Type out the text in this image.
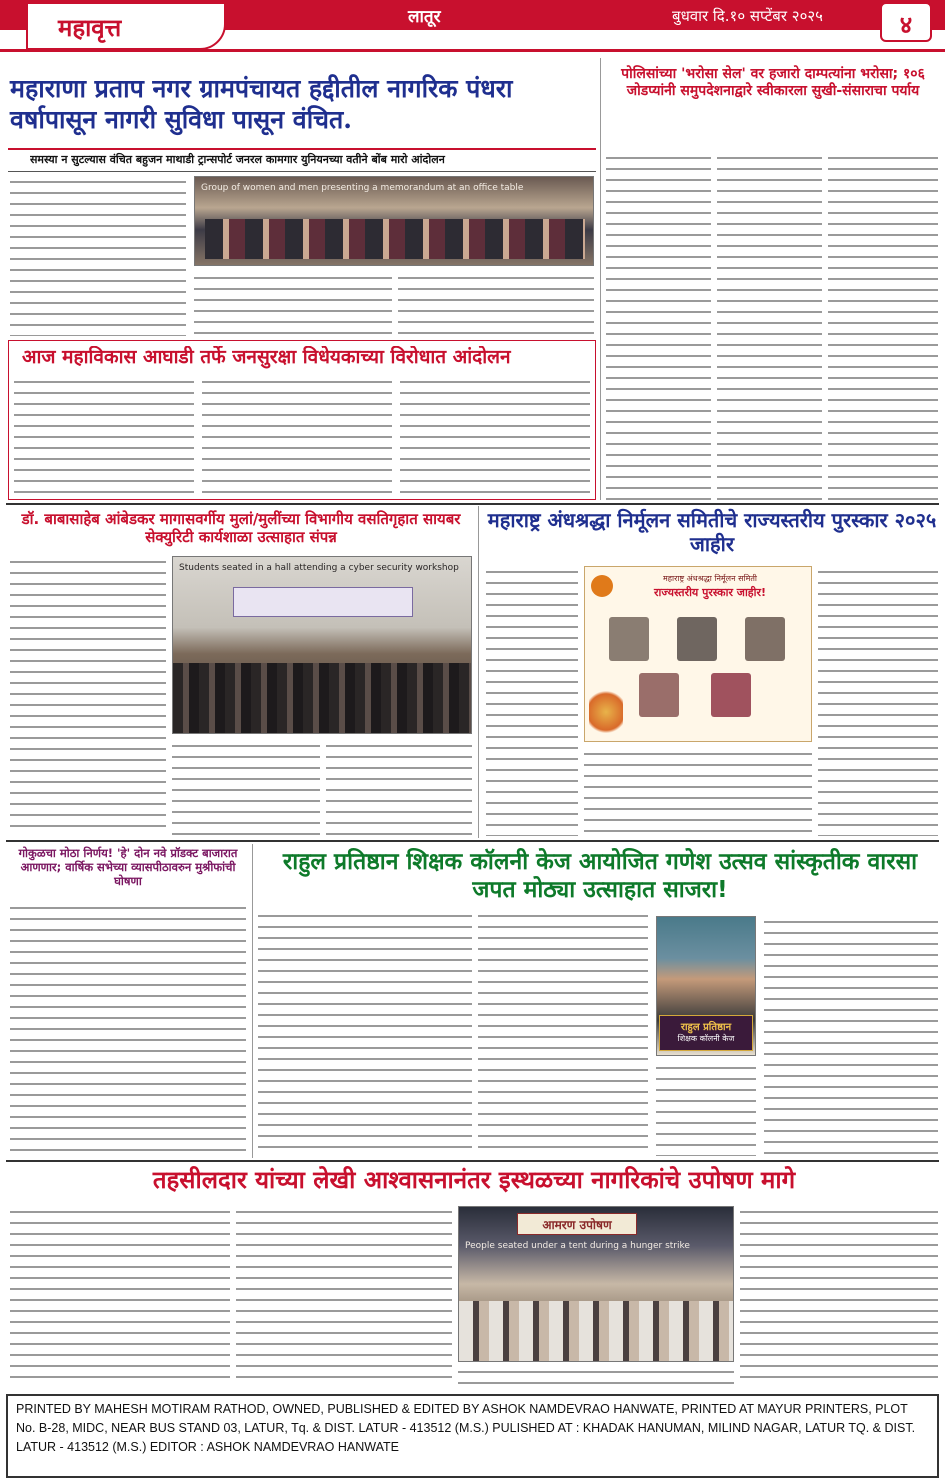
महावृत्त	लातूर	बुधवार दि.१० सप्टेंबर २०२५	४
महाराणा प्रताप नगर ग्रामपंचायत हद्दीतील नागरिक पंधरा वर्षापासून नागरी सुविधा पासून वंचित.
समस्या न सुटल्यास वंचित बहुजन माथाडी ट्रान्सपोर्ट जनरल कामगार युनियनच्या वतीने बोंब मारो आंदोलन
Group of women and men presenting a memorandum at an office table
पोलिसांच्या 'भरोसा सेल' वर हजारो दाम्पत्यांना भरोसा; १०६ जोडप्यांनी समुपदेशनाद्वारे स्वीकारला सुखी-संसाराचा पर्याय
आज महाविकास आघाडी तर्फे जनसुरक्षा विधेयकाच्या विरोधात आंदोलन
डॉ. बाबासाहेब आंबेडकर मागासवर्गीय मुलां/मुलींच्या विभागीय वसतिगृहात सायबर सेक्युरिटी कार्यशाळा उत्साहात संपन्न
Students seated in a hall attending a cyber security workshop
महाराष्ट्र अंधश्रद्धा निर्मूलन समितीचे राज्यस्तरीय पुरस्कार २०२५ जाहीर
महाराष्ट्र अंधश्रद्धा निर्मूलन समिती
राज्यस्तरीय पुरस्कार जाहीर!
गोकुळचा मोठा निर्णय! 'हे' दोन नवे प्रॉडक्ट बाजारात आणणार; वार्षिक सभेच्या व्यासपीठावरुन मुश्रीफांची घोषणा
राहुल प्रतिष्ठान शिक्षक कॉलनी केज आयोजित गणेश उत्सव सांस्कृतीक वारसा जपत मोठ्या उत्साहात साजरा!
राहुल प्रतिष्ठान
शिक्षक कॉलनी केज
तहसीलदार यांच्या लेखी आश्वासनानंतर इस्थळच्या नागरिकांचे उपोषण मागे
आमरण उपोषण
People seated under a tent during a hunger strike
PRINTED BY MAHESH MOTIRAM RATHOD, OWNED, PUBLISHED & EDITED BY ASHOK NAMDEVRAO HANWATE, PRINTED AT MAYUR PRINTERS, PLOT No. B-28, MIDC, NEAR BUS STAND 03, LATUR, Tq. & DIST. LATUR - 413512 (M.S.) PULISHED AT : KHADAK HANUMAN, MILIND NAGAR, LATUR TQ. & DIST. LATUR - 413512 (M.S.) EDITOR : ASHOK NAMDEVRAO HANWATE
